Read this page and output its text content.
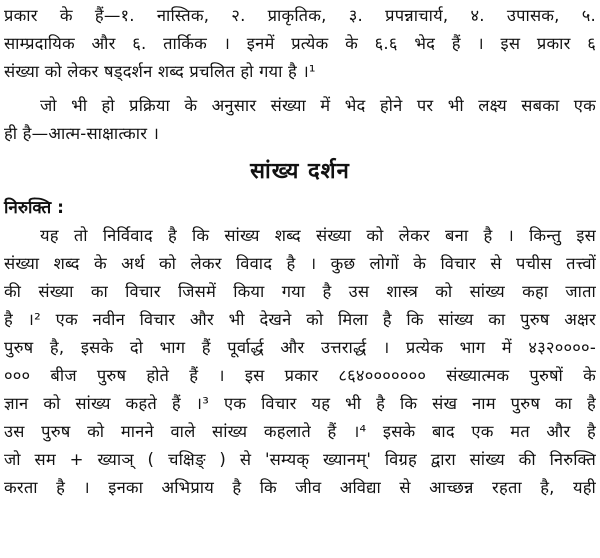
प्रकार के हैं—१. नास्तिक, २. प्राकृतिक, ३. प्रपन्नाचार्य, ४. उपासक, ५.
साम्प्रदायिक और ६. तार्किक । इनमें प्रत्येक के ६.६ भेद हैं । इस प्रकार ६
संख्या को लेकर षड्दर्शन शब्द प्रचलित हो गया है ।¹
जो भी हो प्रक्रिया के अनुसार संख्या में भेद होने पर भी लक्ष्य सबका एक
ही है—आत्म-साक्षात्कार ।
सांख्य दर्शन
निरुक्ति :
यह तो निर्विवाद है कि सांख्य शब्द संख्या को लेकर बना है । किन्तु इस
संख्या शब्द के अर्थ को लेकर विवाद है । कुछ लोगों के विचार से पचीस तत्त्वों
की संख्या का विचार जिसमें किया गया है उस शास्त्र को सांख्य कहा जाता
है ।² एक नवीन विचार और भी देखने को मिला है कि सांख्य का पुरुष अक्षर
पुरुष है, इसके दो भाग हैं पूर्वार्द्ध और उत्तरार्द्ध । प्रत्येक भाग में ४३२००००-
००० बीज पुरुष होते हैं । इस प्रकार ८६४००००००० संख्यात्मक पुरुषों के
ज्ञान को सांख्य कहते हैं ।³ एक विचार यह भी है कि संख नाम पुरुष का है
उस पुरुष को मानने वाले सांख्य कहलाते हैं ।⁴ इसके बाद एक मत और है
जो सम + ख्याञ् ( चक्षिङ् ) से 'सम्यक् ख्यानम्' विग्रह द्वारा सांख्य की निरुक्ति
करता है । इनका अभिप्राय है कि जीव अविद्या से आच्छन्न रहता है, यही
